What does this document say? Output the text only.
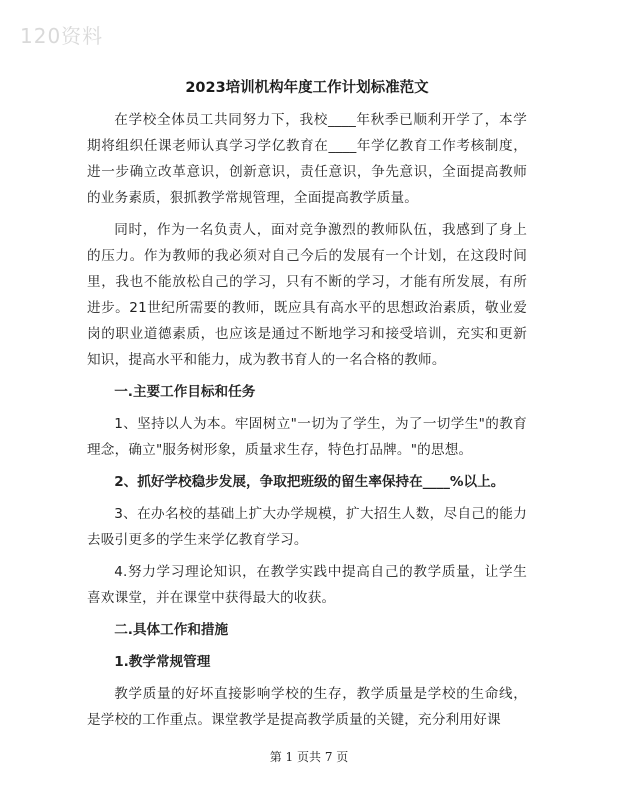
120资料
2023培训机构年度工作计划标准范文

在学校全体员工共同努力下，我校____年秋季已顺利开学了，本学期将组织任课老师认真学习学亿教育在____年学亿教育工作考核制度，进一步确立改革意识，创新意识，责任意识，争先意识，全面提高教师的业务素质，狠抓教学常规管理，全面提高教学质量。

同时，作为一名负责人，面对竞争激烈的教师队伍，我感到了身上的压力。作为教师的我必须对自己今后的发展有一个计划，在这段时间里，我也不能放松自己的学习，只有不断的学习，才能有所发展，有所进步。21世纪所需要的教师，既应具有高水平的思想政治素质，敬业爱岗的职业道德素质，也应该是通过不断地学习和接受培训，充实和更新知识，提高水平和能力，成为教书育人的一名合格的教师。

一.主要工作目标和任务

1、坚持以人为本。牢固树立"一切为了学生，为了一切学生"的教育理念，确立"服务树形象，质量求生存，特色打品牌。"的思想。

2、抓好学校稳步发展，争取把班级的留生率保持在____%以上。

3、在办名校的基础上扩大办学规模，扩大招生人数，尽自己的能力去吸引更多的学生来学亿教育学习。

4.努力学习理论知识，在教学实践中提高自己的教学质量，让学生喜欢课堂，并在课堂中获得最大的收获。

二.具体工作和措施

1.教学常规管理

教学质量的好坏直接影响学校的生存，教学质量是学校的生命线，是学校的工作重点。课堂教学是提高教学质量的关键，充分利用好课

第 1 页共 7 页
